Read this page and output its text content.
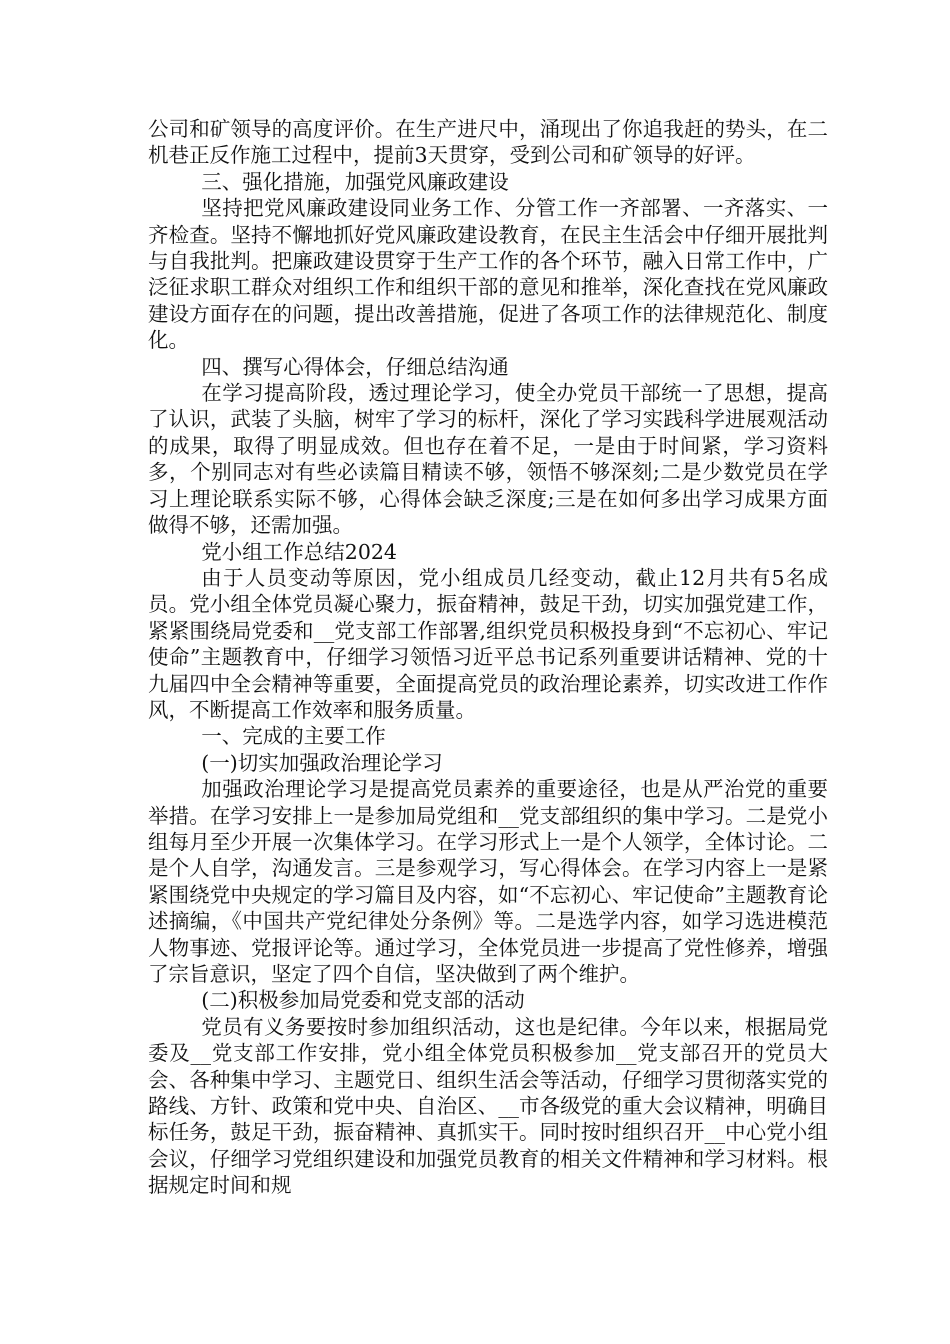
公司和矿领导的高度评价。在生产进尺中，涌现出了你追我赶的势头，在二机巷正反作施工过程中，提前3天贯穿，受到公司和矿领导的好评。

三、强化措施，加强党风廉政建设

坚持把党风廉政建设同业务工作、分管工作一齐部署、一齐落实、一齐检查。坚持不懈地抓好党风廉政建设教育，在民主生活会中仔细开展批判与自我批判。把廉政建设贯穿于生产工作的各个环节，融入日常工作中，广泛征求职工群众对组织工作和组织干部的意见和推举，深化查找在党风廉政建设方面存在的问题，提出改善措施，促进了各项工作的法律规范化、制度化。

四、撰写心得体会，仔细总结沟通

在学习提高阶段，透过理论学习，使全办党员干部统一了思想，提高了认识，武装了头脑，树牢了学习的标杆，深化了学习实践科学进展观活动的成果，取得了明显成效。但也存在着不足，一是由于时间紧，学习资料多，个别同志对有些必读篇目精读不够，领悟不够深刻;二是少数党员在学习上理论联系实际不够，心得体会缺乏深度;三是在如何多出学习成果方面做得不够，还需加强。

党小组工作总结2024

由于人员变动等原因，党小组成员几经变动，截止12月共有5名成员。党小组全体党员凝心聚力，振奋精神，鼓足干劲，切实加强党建工作，紧紧围绕局党委和__党支部工作部署,组织党员积极投身到“不忘初心、牢记使命”主题教育中，仔细学习领悟习近平总书记系列重要讲话精神、党的十九届四中全会精神等重要，全面提高党员的政治理论素养，切实改进工作作风，不断提高工作效率和服务质量。

一、完成的主要工作

(一)切实加强政治理论学习

加强政治理论学习是提高党员素养的重要途径，也是从严治党的重要举措。在学习安排上一是参加局党组和__党支部组织的集中学习。二是党小组每月至少开展一次集体学习。在学习形式上一是个人领学，全体讨论。二是个人自学，沟通发言。三是参观学习，写心得体会。在学习内容上一是紧紧围绕党中央规定的学习篇目及内容，如“不忘初心、牢记使命”主题教育论述摘编，《中国共产党纪律处分条例》等。二是选学内容，如学习选进模范人物事迹、党报评论等。通过学习，全体党员进一步提高了党性修养，增强了宗旨意识，坚定了四个自信，坚决做到了两个维护。

(二)积极参加局党委和党支部的活动

党员有义务要按时参加组织活动，这也是纪律。今年以来，根据局党委及__党支部工作安排，党小组全体党员积极参加__党支部召开的党员大会、各种集中学习、主题党日、组织生活会等活动，仔细学习贯彻落实党的路线、方针、政策和党中央、自治区、__市各级党的重大会议精神，明确目标任务，鼓足干劲，振奋精神、真抓实干。同时按时组织召开__中心党小组会议，仔细学习党组织建设和加强党员教育的相关文件精神和学习材料。根据规定时间和规
